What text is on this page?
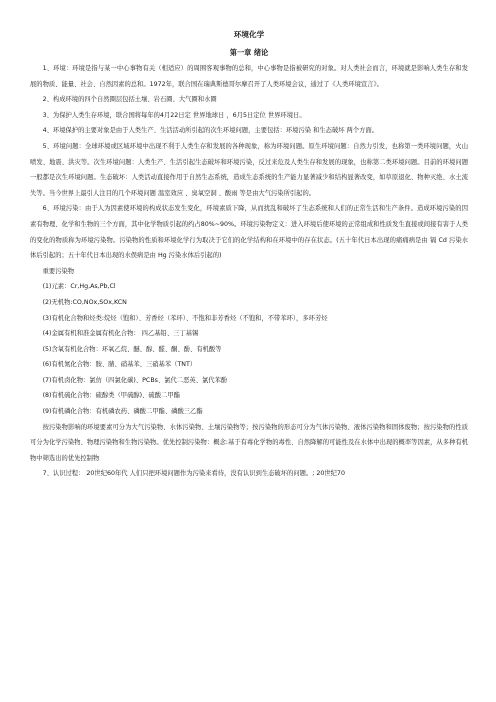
环境化学
第一章 绪论

1、环境：环境是指与某一中心事物有关（相适应）的周围客观事物的总和，中心事物是指被研究的对象。对人类社会而言，环境就是影响人类生存和发展的物质、能量、社会、自然因素的总和。1972年，联合国在瑞典斯德哥尔摩召开了人类环境会议，通过了《人类环境宣言》。

2、构成环境的四个自然圈层包括土壤、岩石圈、大气圈和水圈

3、为保护人类生存环境，联合国将每年的4月22日定 世界地球日 ，6月5日定位 世界环境日。

4、环境保护的主要对象是由于人类生产、生活活动所引起的次生环境问题，主要包括：环境污染 和生态破坏 两个方面。

5、环境问题：全球环境或区域环境中出现不利于人类生存和发展的各种现象，称为环境问题。原生环境问题：自然力引发，也称第一类环境问题，火山喷发、地震、洪灾等。次生环境问题：人类生产、生活引起生态破坏和环境污染，反过来危及人类生存和发展的现象，也称第二类环境问题。目前的环境问题一般都是次生环境问题。生态破坏：人类活动直接作用于自然生态系统，造成生态系统的生产能力显著减少和结构显著改变，如草原退化、物种灭绝、水土流失等。当今世界上最引人注目的几个环境问题 温室效应 、臭氧空洞 、酸雨 等是由大气污染所引起的。

6、环境污染：由于人为因素使环境的构成状态发生变化，环境素质下降，从而扰乱和破坏了生态系统和人们的正常生活和生产条件。造成环境污染的因素有物理、化学和生物的三个方面，其中化学物质引起的约占80%~90%。环境污染物定义：进入环境后使环境的正常组成和性质发生直接或间接有害于人类的变化的物质称为环境污染物。污染物的性质和环境化学行为取决于它们的化学结构和在环境中的存在状态。(五十年代日本出现的痛痛病是由 镉 Cd 污染水体后引起的；五十年代日本出现的水俣病是由 Hg 污染水体后引起的)

重要污染物

(1)元素：Cr,Hg,As,Pb,Cl

(2)无机物:CO,NOx,SOx,KCN

(3)有机化合物和烃类:烷烃（饱和）、芳香烃（苯环）、不饱和非芳香烃（不饱和，不带苯环），多环芳烃

(4)金属有机和准金属有机化合物： 四乙基铅、三丁基锡

(5)含氧有机化合物：环氧乙烷、醚、醇、醛、酮、酚、有机酸等

(6)有机氮化合物：胺、腈、硝基苯、三硝基苯（TNT）

(7)有机卤化物：氯仿（四氯化碳)、PCBs、氯代二恶英、氯代苯酚

(8)有机硫化合物：硫醇类（甲硫醇)、硫酸二甲酯

(9)有机磷化合物：有机磷农药、磷酸二甲酯、磷酸三乙酯

按污染物影响的环境要素可分为大气污染物、水体污染物、土壤污染物等；按污染物的形态可分为气体污染物、液体污染物和固体废物；按污染物的性质可分为化学污染物、物理污染物和生物污染物。优先控制污染物：概念:基于有毒化学物的毒性、自然降解的可能性及在水体中出现的概率等因素，从多种有机物中筛选出的优先控制物

7、认识过程： 20世纪60年代 人们只把环境问题作为污染来看待，没有认识到生态破坏的问题。; 20世纪70
